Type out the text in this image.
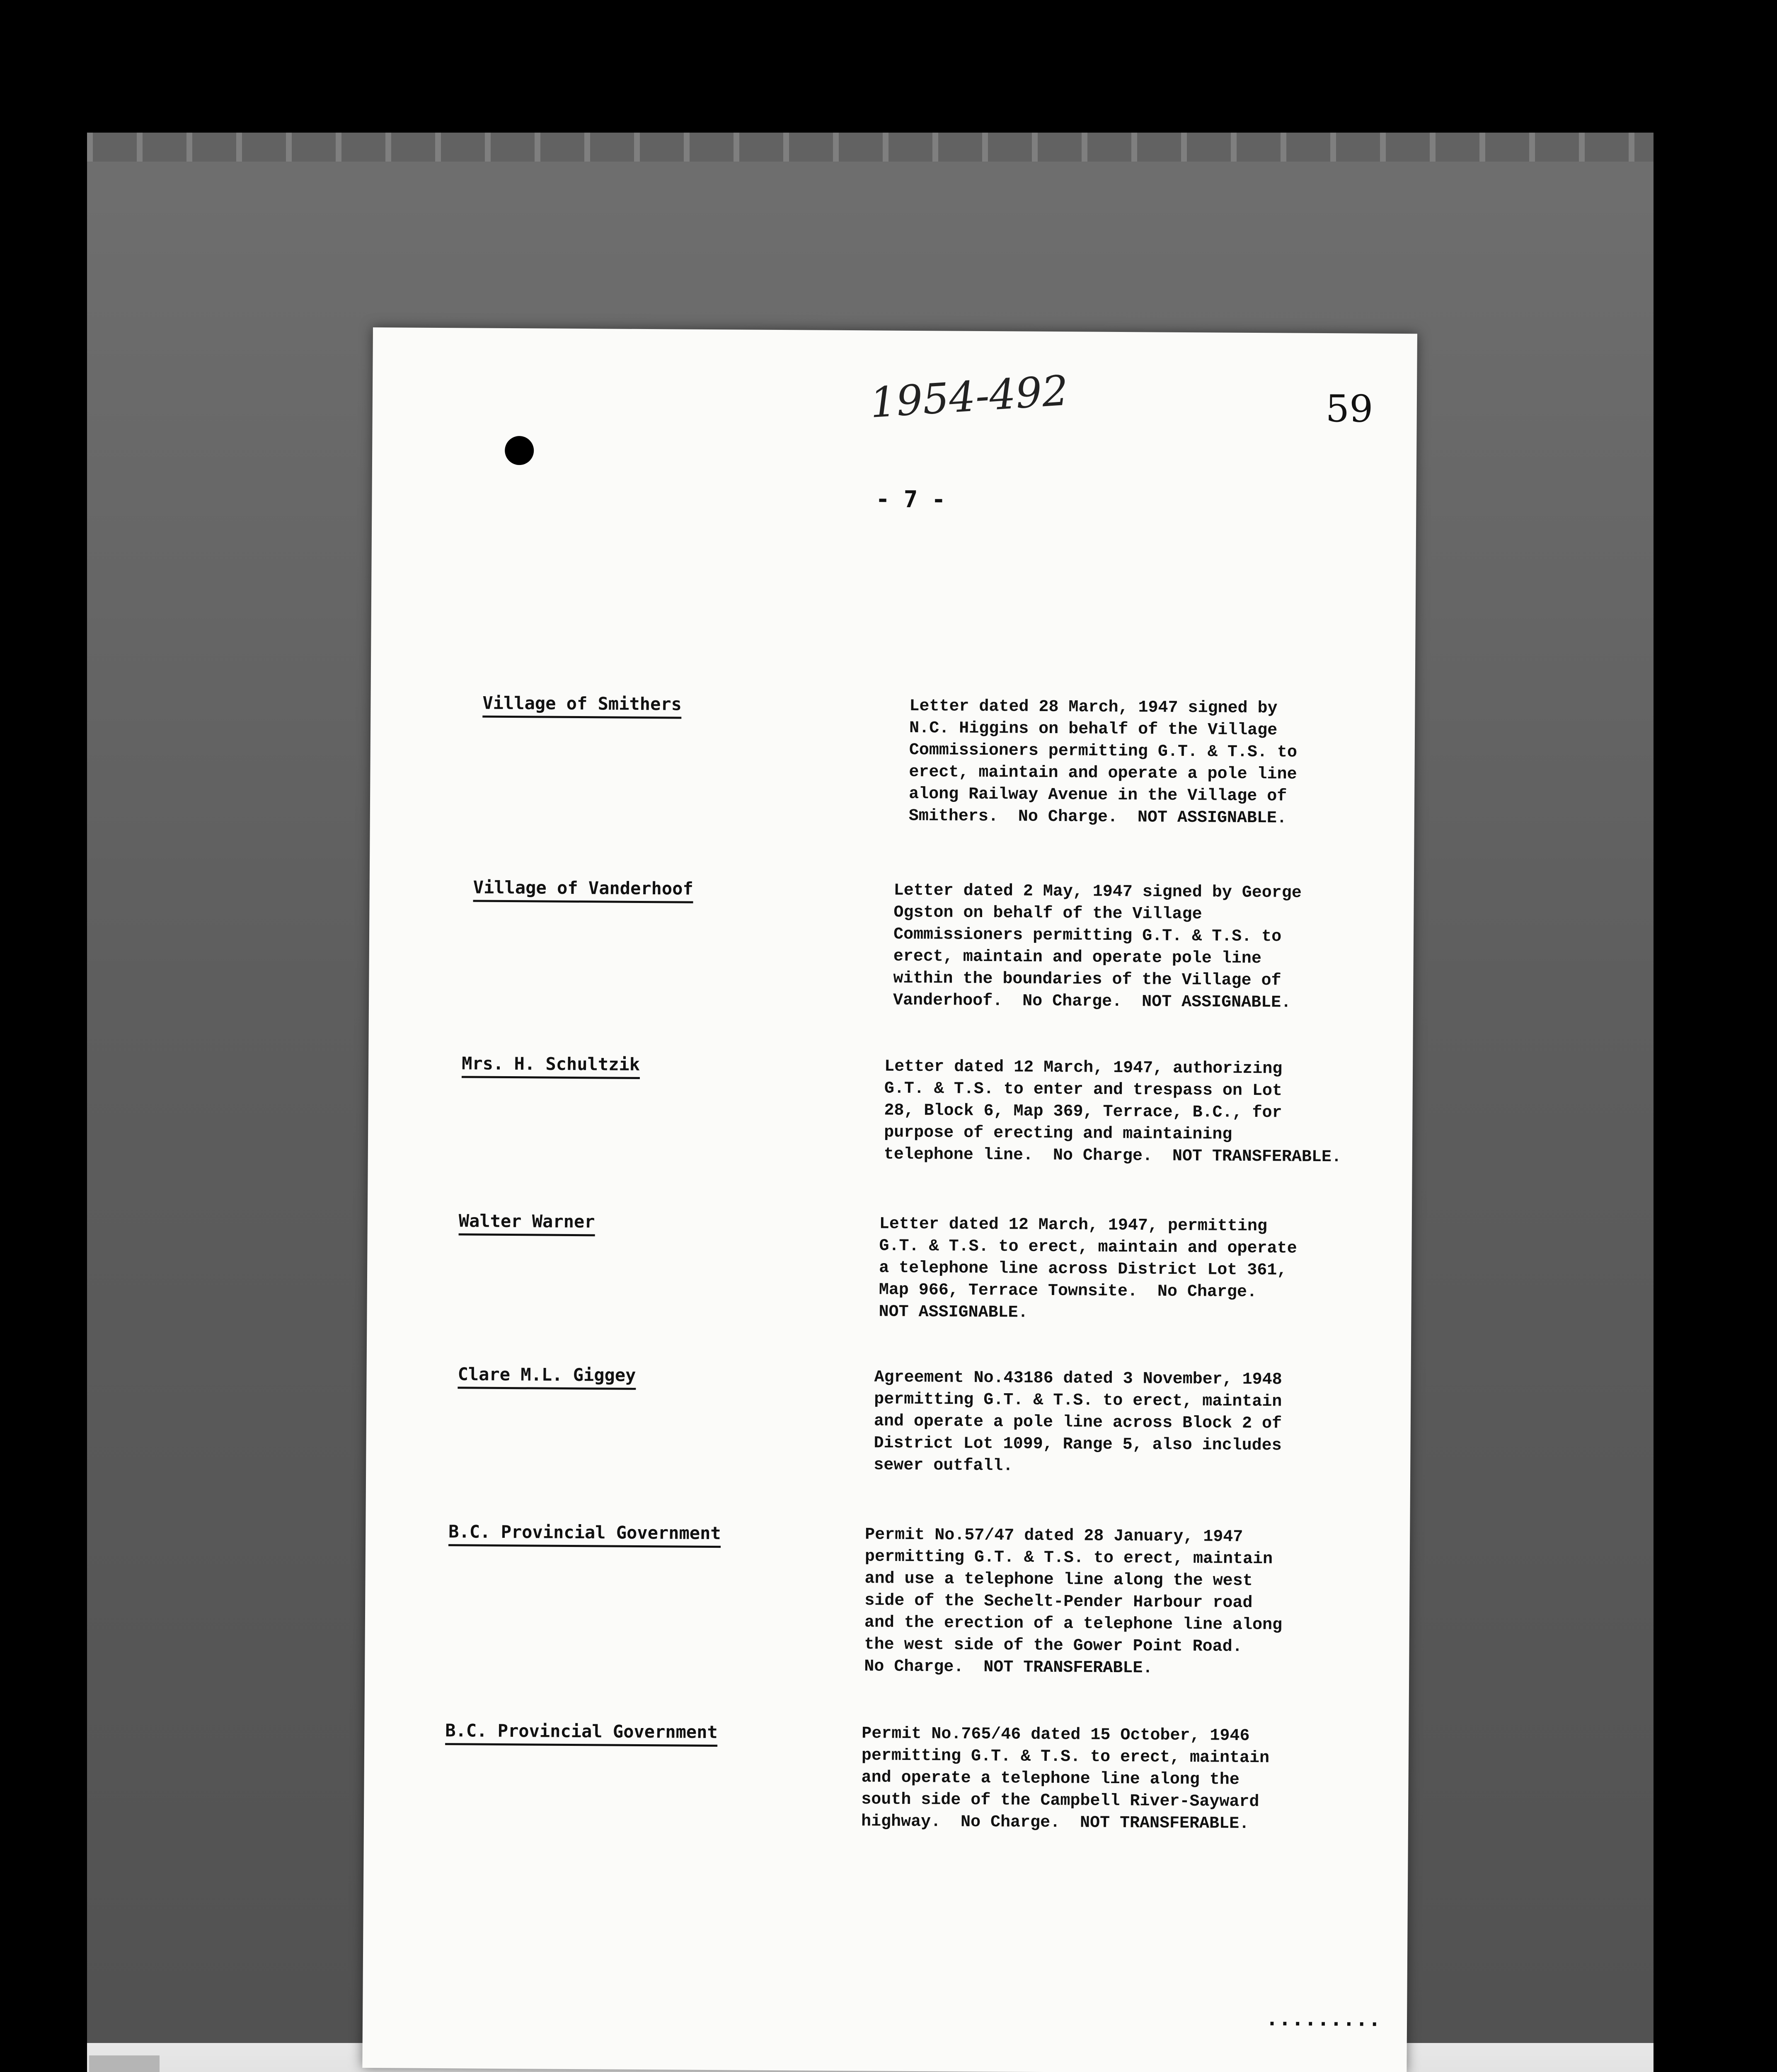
1954-492	59
- 7 -
Village of Smithers	Letter dated 28 March, 1947 signed by
N.C. Higgins on behalf of the Village
Commissioners permitting G.T. & T.S. to
erect, maintain and operate a pole line
along Railway Avenue in the Village of
Smithers.  No Charge.  NOT ASSIGNABLE.
Village of Vanderhoof	Letter dated 2 May, 1947 signed by George
Ogston on behalf of the Village
Commissioners permitting G.T. & T.S. to
erect, maintain and operate pole line
within the boundaries of the Village of
Vanderhoof.  No Charge.  NOT ASSIGNABLE.
Mrs. H. Schultzik	Letter dated 12 March, 1947, authorizing
G.T. & T.S. to enter and trespass on Lot
28, Block 6, Map 369, Terrace, B.C., for
purpose of erecting and maintaining
telephone line.  No Charge.  NOT TRANSFERABLE.
Walter Warner	Letter dated 12 March, 1947, permitting
G.T. & T.S. to erect, maintain and operate
a telephone line across District Lot 361,
Map 966, Terrace Townsite.  No Charge.
NOT ASSIGNABLE.
Clare M.L. Giggey	Agreement No.43186 dated 3 November, 1948
permitting G.T. & T.S. to erect, maintain
and operate a pole line across Block 2 of
District Lot 1099, Range 5, also includes
sewer outfall.
B.C. Provincial Government	Permit No.57/47 dated 28 January, 1947
permitting G.T. & T.S. to erect, maintain
and use a telephone line along the west
side of the Sechelt-Pender Harbour road
and the erection of a telephone line along
the west side of the Gower Point Road.
No Charge.  NOT TRANSFERABLE.
B.C. Provincial Government	Permit No.765/46 dated 15 October, 1946
permitting G.T. & T.S. to erect, maintain
and operate a telephone line along the
south side of the Campbell River-Sayward
highway.  No Charge.  NOT TRANSFERABLE.
.........
